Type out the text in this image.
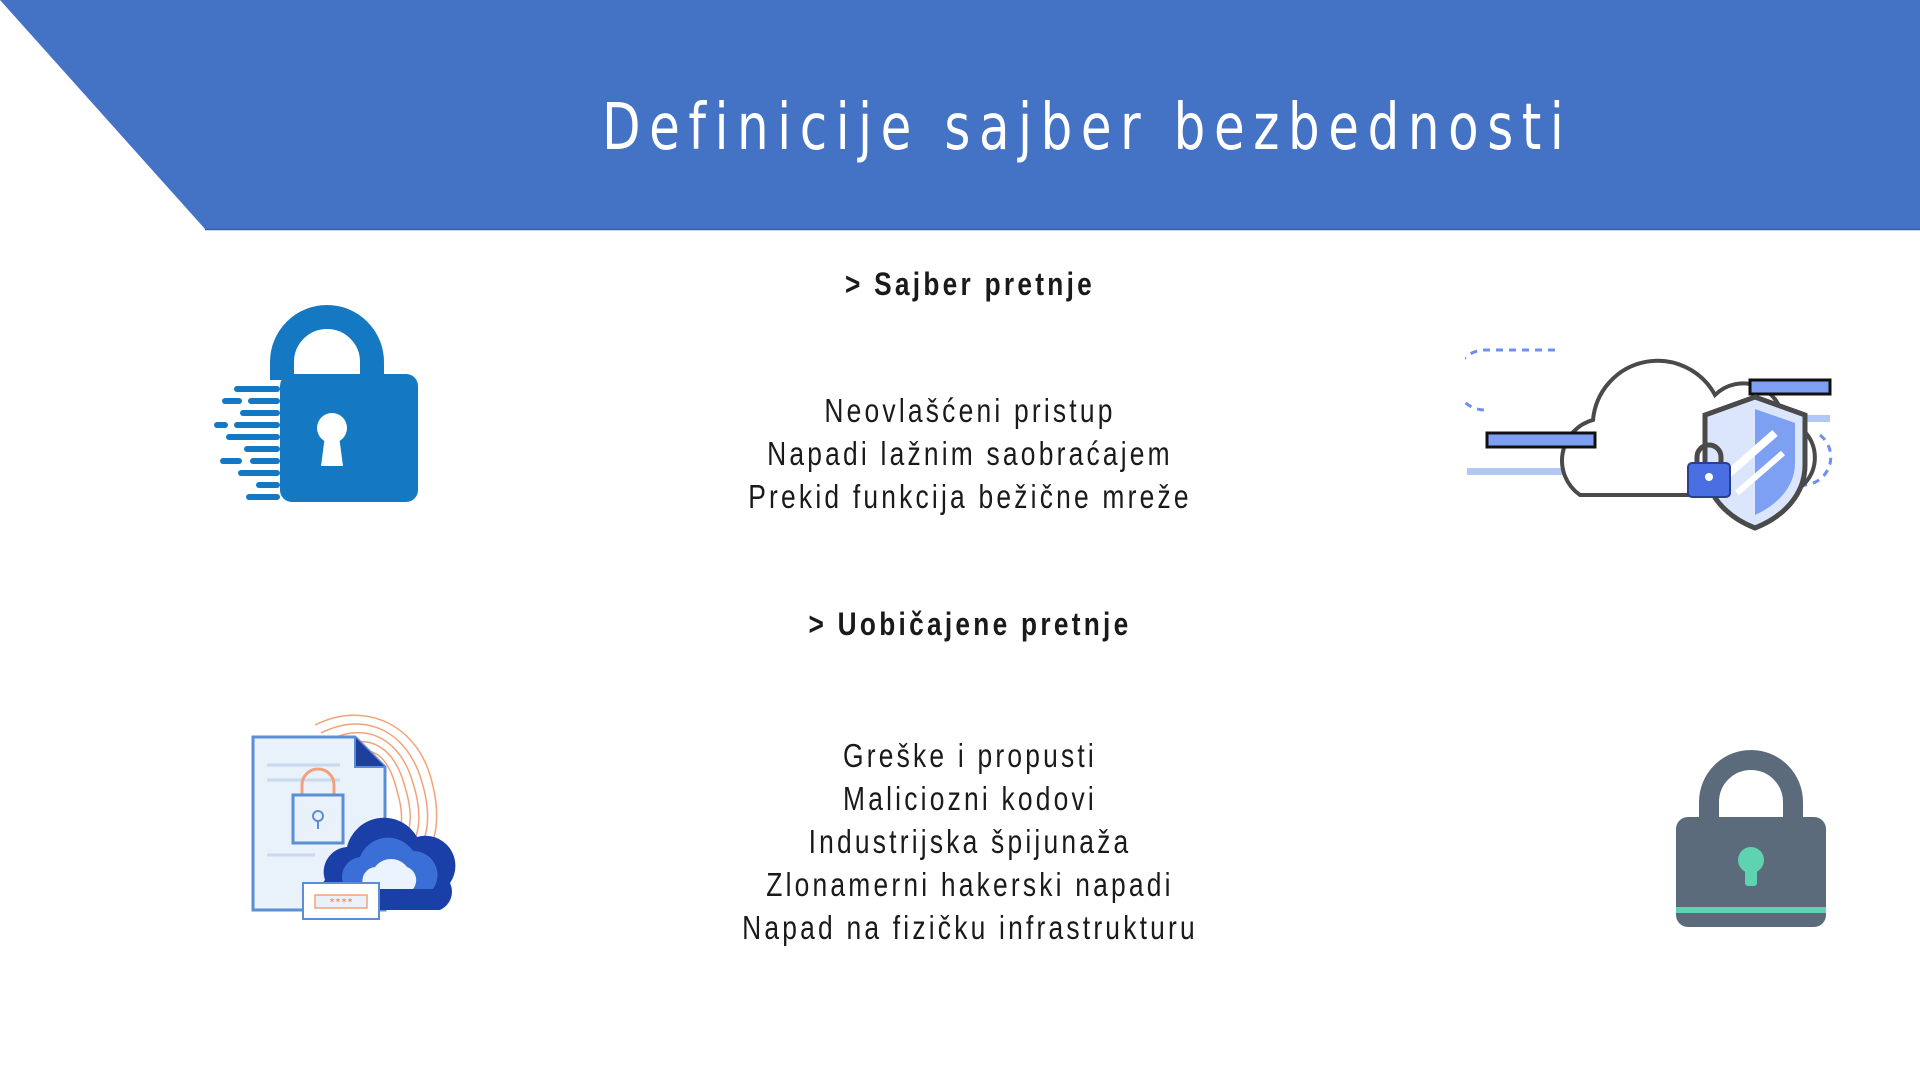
Definicije sajber bezbednosti
> Sajber pretnje
Neovlašćeni pristup
Napadi lažnim saobraćajem
Prekid funkcija bežične mreže
> Uobičajene pretnje
Greške i propusti
Maliciozni kodovi
Industrijska špijunaža
Zlonamerni hakerski napadi
Napad na fizičku infrastrukturu
****
